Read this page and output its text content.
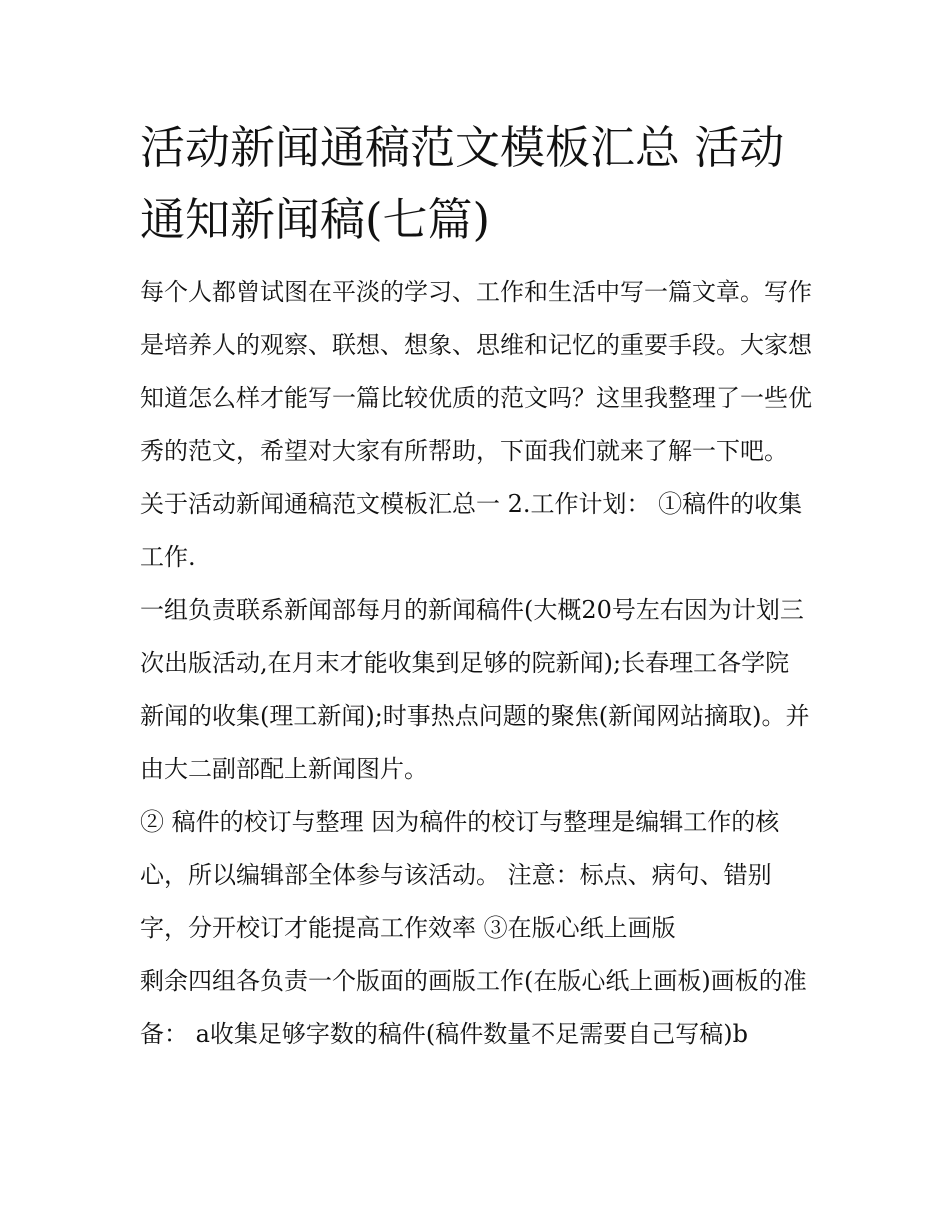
活动新闻通稿范文模板汇总 活动通知新闻稿(七篇)

每个人都曾试图在平淡的学习、工作和生活中写一篇文章。写作是培养人的观察、联想、想象、思维和记忆的重要手段。大家想知道怎么样才能写一篇比较优质的范文吗？这里我整理了一些优秀的范文，希望对大家有所帮助，下面我们就来了解一下吧。

关于活动新闻通稿范文模板汇总一 2.工作计划： ①稿件的收集工作.

一组负责联系新闻部每月的新闻稿件(大概20号左右因为计划三次出版活动,在月末才能收集到足够的院新闻);长春理工各学院新闻的收集(理工新闻);时事热点问题的聚焦(新闻网站摘取)。并由大二副部配上新闻图片。

② 稿件的校订与整理 因为稿件的校订与整理是编辑工作的核心，所以编辑部全体参与该活动。 注意：标点、病句、错别字，分开校订才能提高工作效率 ③在版心纸上画版

剩余四组各负责一个版面的画版工作(在版心纸上画板)画板的准备： a收集足够字数的稿件(稿件数量不足需要自己写稿)b
